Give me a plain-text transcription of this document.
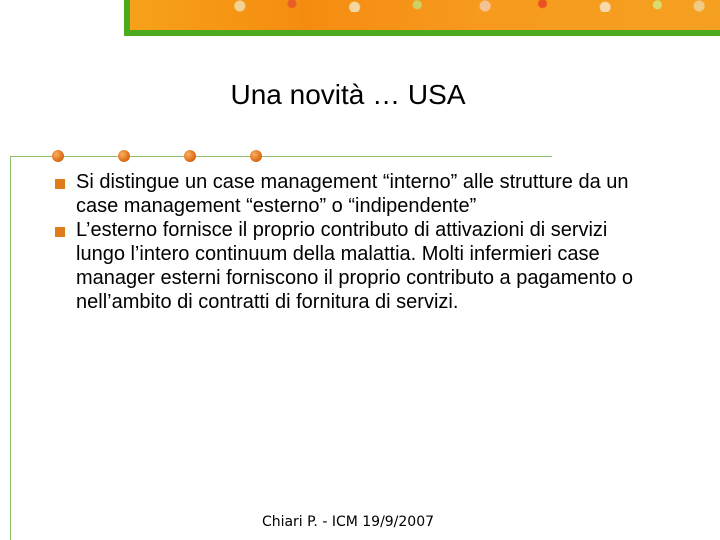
Una novità … USA
Si distingue un case management “interno” alle strutture da un case management “esterno” o “indipendente”
L’esterno fornisce il proprio contributo di attivazioni di servizi lungo l’intero continuum della malattia. Molti infermieri case manager esterni forniscono il proprio contributo a pagamento o nell’ambito di contratti di fornitura di servizi.
Chiari P. - ICM 19/9/2007
